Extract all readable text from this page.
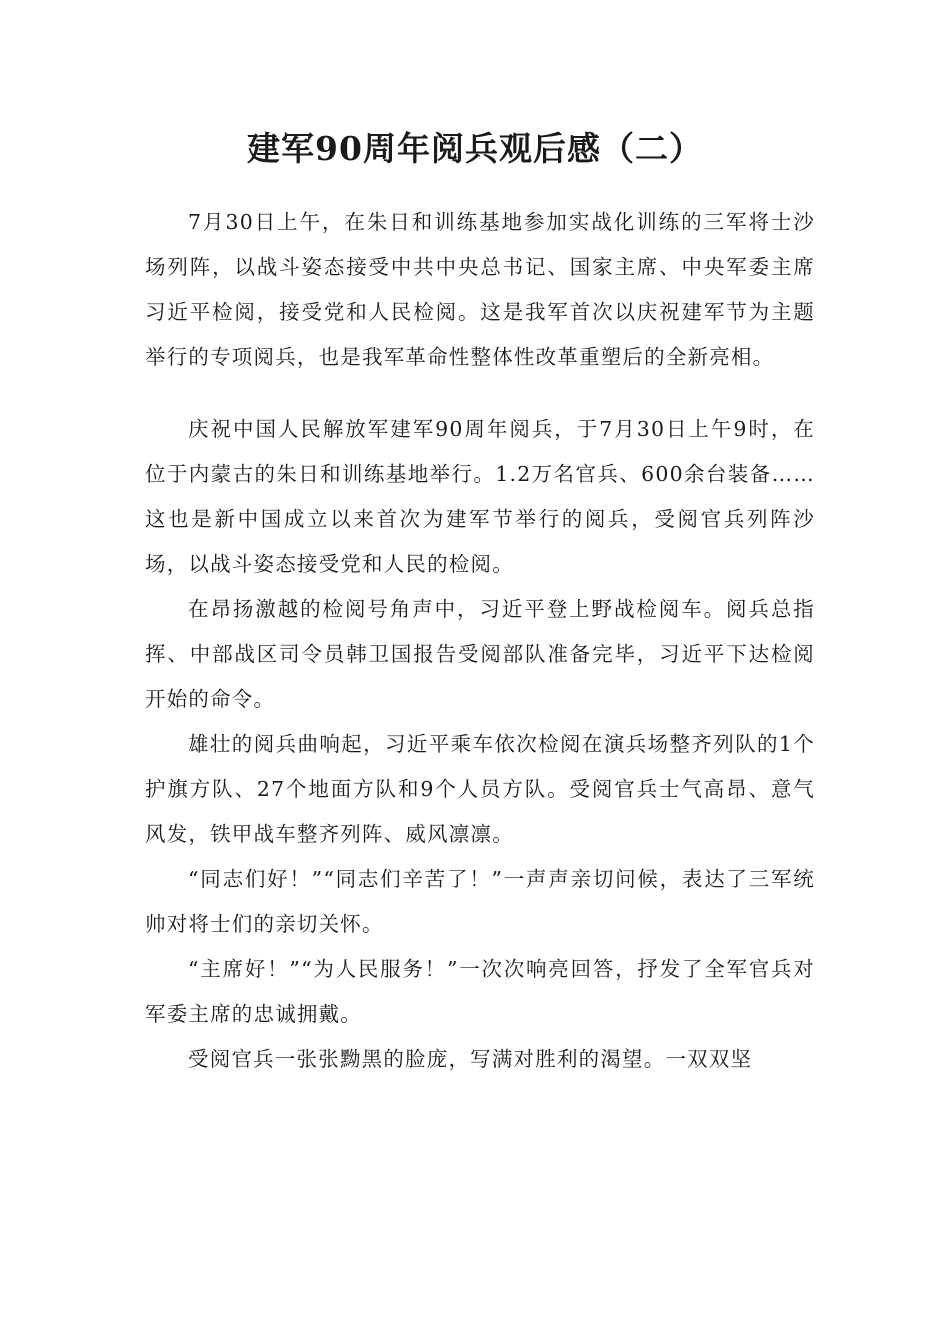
建军90周年阅兵观后感（二）

7月30日上午，在朱日和训练基地参加实战化训练的三军将士沙场列阵，以战斗姿态接受中共中央总书记、国家主席、中央军委主席习近平检阅，接受党和人民检阅。这是我军首次以庆祝建军节为主题举行的专项阅兵，也是我军革命性整体性改革重塑后的全新亮相。

庆祝中国人民解放军建军90周年阅兵，于7月30日上午9时，在位于内蒙古的朱日和训练基地举行。1.2万名官兵、600余台装备……这也是新中国成立以来首次为建军节举行的阅兵，受阅官兵列阵沙场，以战斗姿态接受党和人民的检阅。

在昂扬激越的检阅号角声中，习近平登上野战检阅车。阅兵总指挥、中部战区司令员韩卫国报告受阅部队准备完毕，习近平下达检阅开始的命令。

雄壮的阅兵曲响起，习近平乘车依次检阅在演兵场整齐列队的1个护旗方队、27个地面方队和9个人员方队。受阅官兵士气高昂、意气风发，铁甲战车整齐列阵、威风凛凛。

“同志们好！”“同志们辛苦了！”一声声亲切问候，表达了三军统帅对将士们的亲切关怀。

“主席好！”“为人民服务！”一次次响亮回答，抒发了全军官兵对军委主席的忠诚拥戴。

受阅官兵一张张黝黑的脸庞，写满对胜利的渴望。一双双坚
